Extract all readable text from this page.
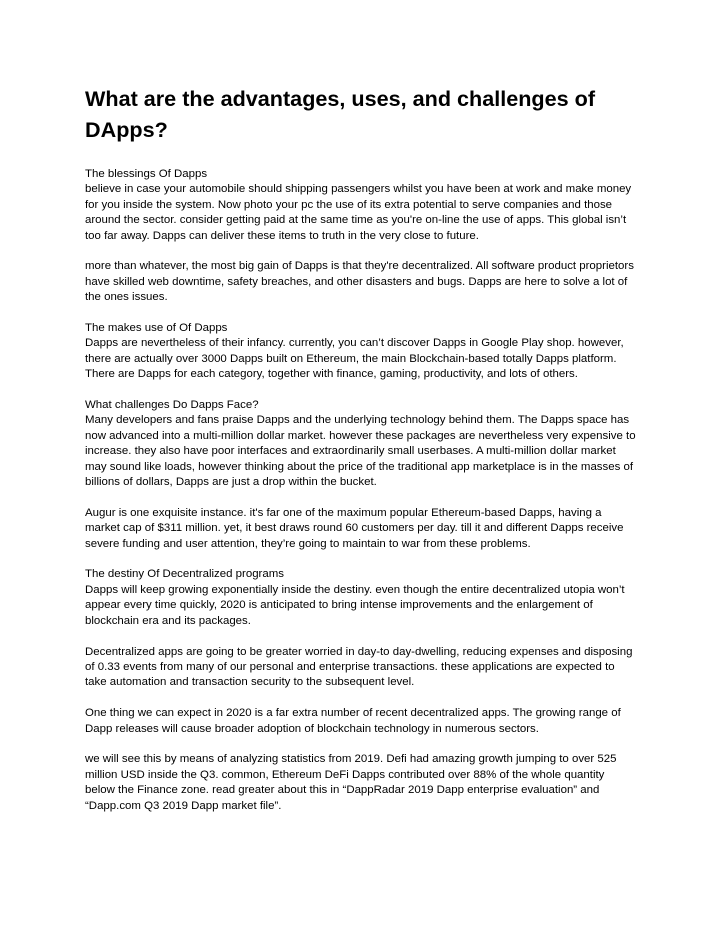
What are the advantages, uses, and challenges of DApps?
The blessings Of Dapps
believe in case your automobile should shipping passengers whilst you have been at work and make money for you inside the system. Now photo your pc the use of its extra potential to serve companies and those around the sector. consider getting paid at the same time as you're on-line the use of apps. This global isn’t too far away. Dapps can deliver these items to truth in the very close to future.
more than whatever, the most big gain of Dapps is that they're decentralized. All software product proprietors have skilled web downtime, safety breaches, and other disasters and bugs. Dapps are here to solve a lot of the ones issues.
The makes use of Of Dapps
Dapps are nevertheless of their infancy. currently, you can’t discover Dapps in Google Play shop. however, there are actually over 3000 Dapps built on Ethereum, the main Blockchain-based totally Dapps platform. There are Dapps for each category, together with finance, gaming, productivity, and lots of others.
What challenges Do Dapps Face?
Many developers and fans praise Dapps and the underlying technology behind them. The Dapps space has now advanced into a multi-million dollar market. however these packages are nevertheless very expensive to increase. they also have poor interfaces and extraordinarily small userbases. A multi-million dollar market may sound like loads, however thinking about the price of the traditional app marketplace is in the masses of billions of dollars, Dapps are just a drop within the bucket.
Augur is one exquisite instance. it's far one of the maximum popular Ethereum-based Dapps, having a market cap of $311 million. yet, it best draws round 60 customers per day. till it and different Dapps receive severe funding and user attention, they’re going to maintain to war from these problems.
The destiny Of Decentralized programs
Dapps will keep growing exponentially inside the destiny. even though the entire decentralized utopia won’t appear every time quickly, 2020 is anticipated to bring intense improvements and the enlargement of blockchain era and its packages.
Decentralized apps are going to be greater worried in day-to day-dwelling, reducing expenses and disposing of 0.33 events from many of our personal and enterprise transactions. these applications are expected to take automation and transaction security to the subsequent level.
One thing we can expect in 2020 is a far extra number of recent decentralized apps. The growing range of Dapp releases will cause broader adoption of blockchain technology in numerous sectors.
we will see this by means of analyzing statistics from 2019. Defi had amazing growth jumping to over 525 million USD inside the Q3. common, Ethereum DeFi Dapps contributed over 88% of the whole quantity below the Finance zone. read greater about this in “DappRadar 2019 Dapp enterprise evaluation” and “Dapp.com Q3 2019 Dapp market file”.
